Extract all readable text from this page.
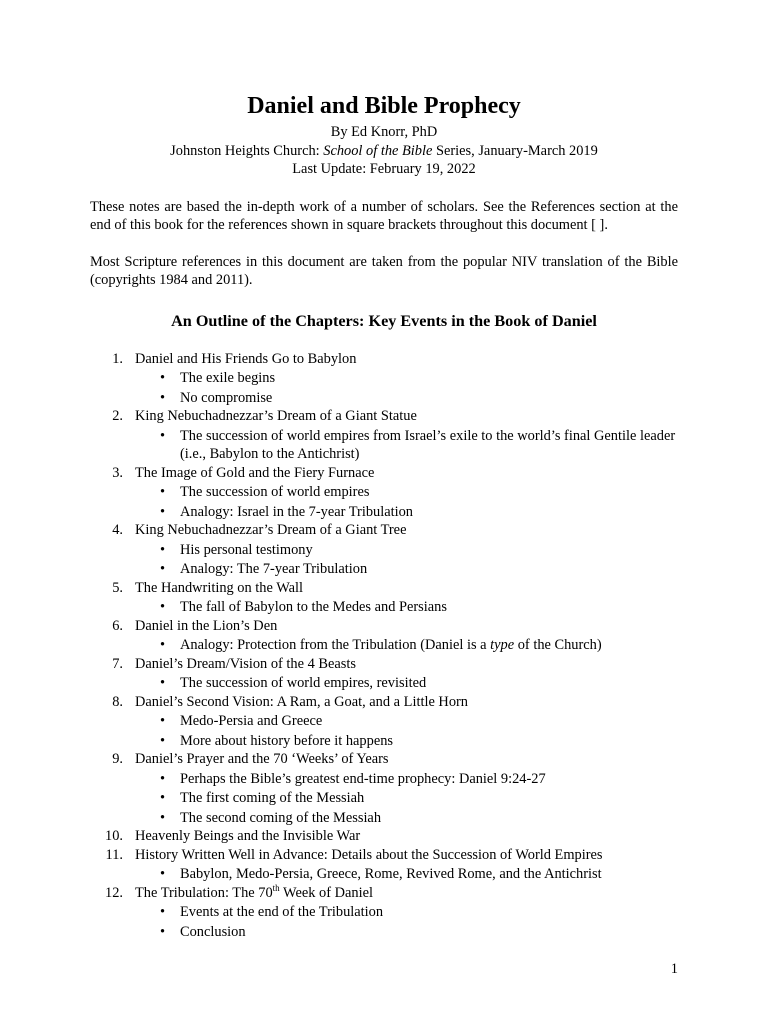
Daniel and Bible Prophecy

By Ed Knorr, PhD

Johnston Heights Church: School of the Bible Series, January-March 2019

Last Update: February 19, 2022

These notes are based the in-depth work of a number of scholars. See the References section at the end of this book for the references shown in square brackets throughout this document [ ].

Most Scripture references in this document are taken from the popular NIV translation of the Bible (copyrights 1984 and 2011).

An Outline of the Chapters: Key Events in the Book of Daniel
1. Daniel and His Friends Go to Babylon
• The exile begins
• No compromise
2. King Nebuchadnezzar’s Dream of a Giant Statue
• The succession of world empires from Israel’s exile to the world’s final Gentile leader (i.e., Babylon to the Antichrist)
3. The Image of Gold and the Fiery Furnace
• The succession of world empires
• Analogy: Israel in the 7-year Tribulation
4. King Nebuchadnezzar’s Dream of a Giant Tree
• His personal testimony
• Analogy: The 7-year Tribulation
5. The Handwriting on the Wall
• The fall of Babylon to the Medes and Persians
6. Daniel in the Lion’s Den
• Analogy: Protection from the Tribulation (Daniel is a type of the Church)
7. Daniel’s Dream/Vision of the 4 Beasts
• The succession of world empires, revisited
8. Daniel’s Second Vision: A Ram, a Goat, and a Little Horn
• Medo-Persia and Greece
• More about history before it happens
9. Daniel’s Prayer and the 70 ‘Weeks’ of Years
• Perhaps the Bible’s greatest end-time prophecy: Daniel 9:24-27
• The first coming of the Messiah
• The second coming of the Messiah
10. Heavenly Beings and the Invisible War
11. History Written Well in Advance: Details about the Succession of World Empires
• Babylon, Medo-Persia, Greece, Rome, Revived Rome, and the Antichrist
12. The Tribulation: The 70th Week of Daniel
• Events at the end of the Tribulation
• Conclusion
1
